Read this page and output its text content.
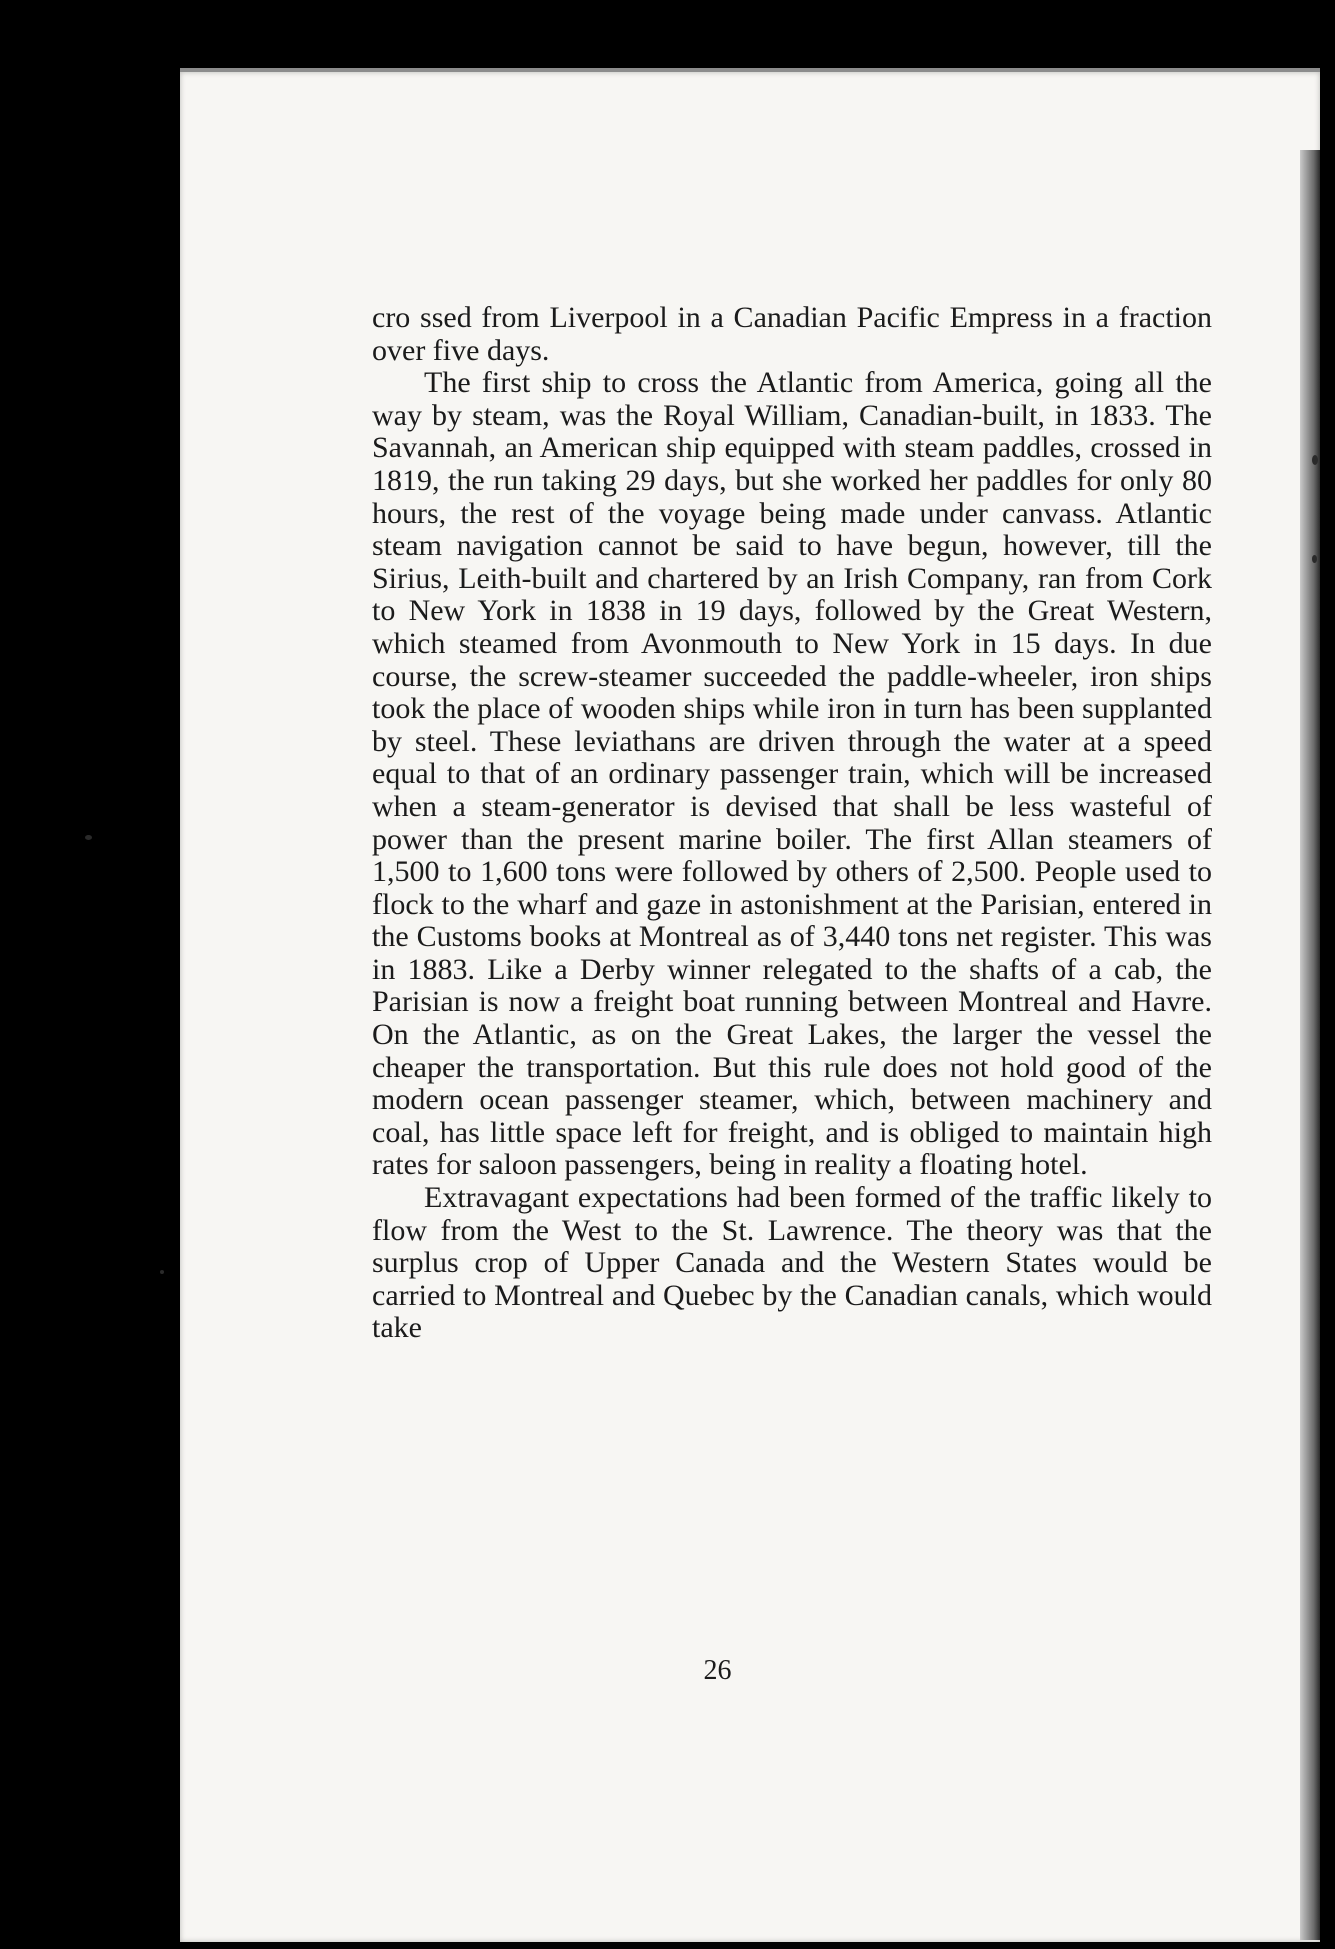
cro ssed from Liverpool in a Canadian Pacific Empress in a fraction over five days.

The first ship to cross the Atlantic from America, going all the way by steam, was the Royal William, Canadian-built, in 1833. The Savannah, an American ship equipped with steam paddles, crossed in 1819, the run taking 29 days, but she worked her paddles for only 80 hours, the rest of the voyage being made under canvass. Atlantic steam navigation cannot be said to have begun, however, till the Sirius, Leith-built and chartered by an Irish Company, ran from Cork to New York in 1838 in 19 days, followed by the Great Western, which steamed from Avonmouth to New York in 15 days. In due course, the screw-steamer succeeded the paddle-wheeler, iron ships took the place of wooden ships while iron in turn has been supplanted by steel. These leviathans are driven through the water at a speed equal to that of an ordinary passenger train, which will be increased when a steam-generator is devised that shall be less wasteful of power than the present marine boiler. The first Allan steamers of 1,500 to 1,600 tons were followed by others of 2,500. People used to flock to the wharf and gaze in astonishment at the Parisian, entered in the Customs books at Montreal as of 3,440 tons net register. This was in 1883. Like a Derby winner relegated to the shafts of a cab, the Parisian is now a freight boat running between Montreal and Havre. On the Atlantic, as on the Great Lakes, the larger the vessel the cheaper the transportation. But this rule does not hold good of the modern ocean passenger steamer, which, between machinery and coal, has little space left for freight, and is obliged to maintain high rates for saloon passengers, being in reality a floating hotel.

Extravagant expectations had been formed of the traffic likely to flow from the West to the St. Lawrence. The theory was that the surplus crop of Upper Canada and the Western States would be carried to Montreal and Quebec by the Canadian canals, which would take

26
